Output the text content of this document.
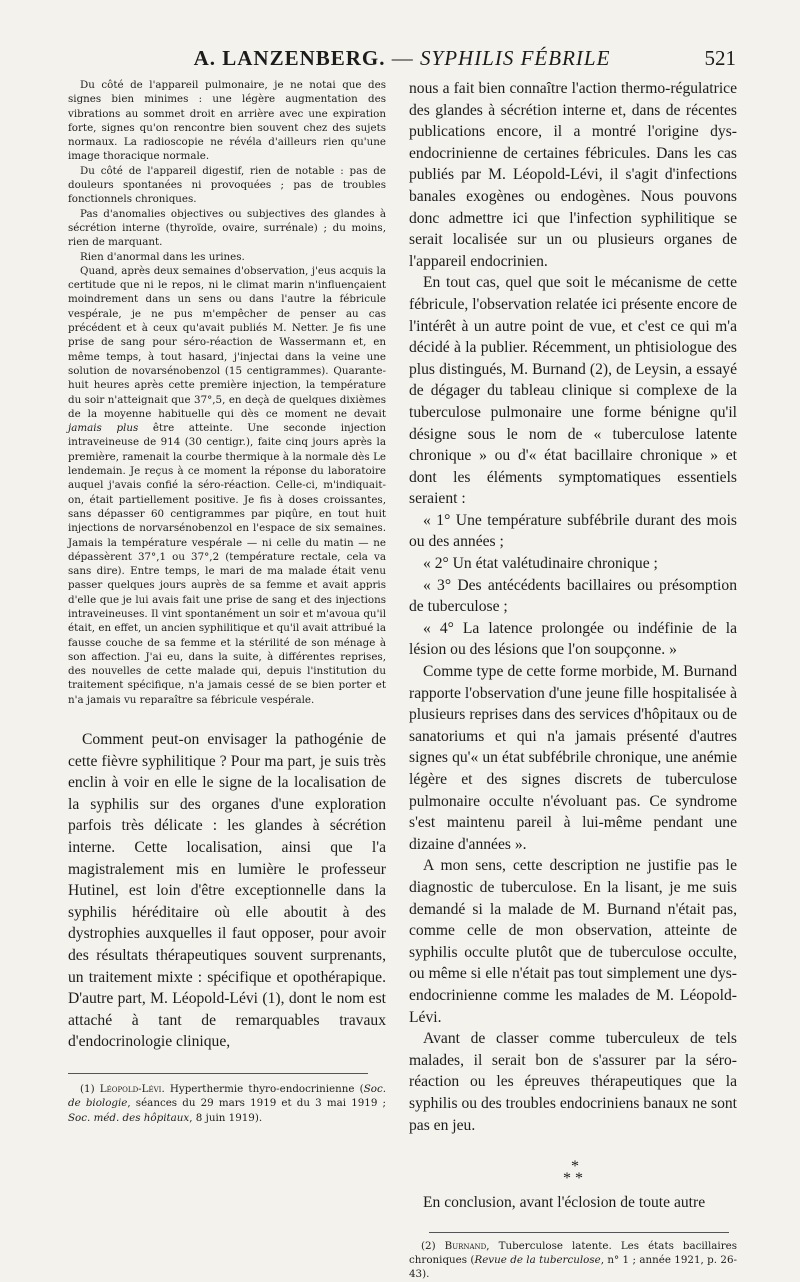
A. LANZENBERG. — SYPHILIS FÉBRILE	521

Du côté de l'appareil pulmonaire, je ne notai que des signes bien minimes : une légère augmentation des vibrations au sommet droit en arrière avec une expiration forte, signes qu'on rencontre bien souvent chez des sujets normaux. La radioscopie ne révéla d'ailleurs rien qu'une image thoracique normale.

Du côté de l'appareil digestif, rien de notable : pas de douleurs spontanées ni provoquées ; pas de troubles fonctionnels chroniques.

Pas d'anomalies objectives ou subjectives des glandes à sécrétion interne (thyroïde, ovaire, surrénale) ; du moins, rien de marquant.

Rien d'anormal dans les urines.

Quand, après deux semaines d'observation, j'eus acquis la certitude que ni le repos, ni le climat marin n'influençaient moindrement dans un sens ou dans l'autre la fébricule vespérale, je ne pus m'empêcher de penser au cas précédent et à ceux qu'avait publiés M. Netter. Je fis une prise de sang pour séro-réaction de Wassermann et, en même temps, à tout hasard, j'injectai dans la veine une solution de novarsénobenzol (15 centigrammes). Quarante-huit heures après cette première injection, la température du soir n'atteignait que 37°,5, en deçà de quelques dixièmes de la moyenne habituelle qui dès ce moment ne devait jamais plus être atteinte. Une seconde injection intraveineuse de 914 (30 centigr.), faite cinq jours après la première, ramenait la courbe thermique à la normale dès Le lendemain. Je reçus à ce moment la réponse du laboratoire auquel j'avais confié la séro-réaction. Celle-ci, m'indiquait-on, était partiellement positive. Je fis à doses croissantes, sans dépasser 60 centigrammes par piqûre, en tout huit injections de norvarsénobenzol en l'espace de six semaines. Jamais la température vespérale — ni celle du matin — ne dépassèrent 37°,1 ou 37°,2 (température rectale, cela va sans dire). Entre temps, le mari de ma malade était venu passer quelques jours auprès de sa femme et avait appris d'elle que je lui avais fait une prise de sang et des injections intraveineuses. Il vint spontanément un soir et m'avoua qu'il était, en effet, un ancien syphilitique et qu'il avait attribué la fausse couche de sa femme et la stérilité de son ménage à son affection. J'ai eu, dans la suite, à différentes reprises, des nouvelles de cette malade qui, depuis l'institution du traitement spécifique, n'a jamais cessé de se bien porter et n'a jamais vu reparaître sa fébricule vespérale.

Comment peut-on envisager la pathogénie de cette fièvre syphilitique ? Pour ma part, je suis très enclin à voir en elle le signe de la localisation de la syphilis sur des organes d'une exploration parfois très délicate : les glandes à sécrétion interne. Cette localisation, ainsi que l'a magistralement mis en lumière le professeur Hutinel, est loin d'être exceptionnelle dans la syphilis héréditaire où elle aboutit à des dystrophies auxquelles il faut opposer, pour avoir des résultats thérapeutiques souvent surprenants, un traitement mixte : spécifique et opothérapique. D'autre part, M. Léopold-Lévi (1), dont le nom est attaché à tant de remarquables travaux d'endocrinologie clinique,

(1) Léopold-Lévi. Hyperthermie thyro-endocrinienne (Soc. de biologie, séances du 29 mars 1919 et du 3 mai 1919 ; Soc. méd. des hôpitaux, 8 juin 1919).

nous a fait bien connaître l'action thermo-régulatrice des glandes à sécrétion interne et, dans de récentes publications encore, il a montré l'origine dys-endocrinienne de certaines fébricules. Dans les cas publiés par M. Léopold-Lévi, il s'agit d'infections banales exogènes ou endogènes. Nous pouvons donc admettre ici que l'infection syphilitique se serait localisée sur un ou plusieurs organes de l'appareil endocrinien.

En tout cas, quel que soit le mécanisme de cette fébricule, l'observation relatée ici présente encore de l'intérêt à un autre point de vue, et c'est ce qui m'a décidé à la publier. Récemment, un phtisiologue des plus distingués, M. Burnand (2), de Leysin, a essayé de dégager du tableau clinique si complexe de la tuberculose pulmonaire une forme bénigne qu'il désigne sous le nom de « tuberculose latente chronique » ou d'« état bacillaire chronique » et dont les éléments symptomatiques essentiels seraient :

« 1° Une température subfébrile durant des mois ou des années ;

« 2° Un état valétudinaire chronique ;

« 3° Des antécédents bacillaires ou présomption de tuberculose ;

« 4° La latence prolongée ou indéfinie de la lésion ou des lésions que l'on soupçonne. »

Comme type de cette forme morbide, M. Burnand rapporte l'observation d'une jeune fille hospitalisée à plusieurs reprises dans des services d'hôpitaux ou de sanatoriums et qui n'a jamais présenté d'autres signes qu'« un état subfébrile chronique, une anémie légère et des signes discrets de tuberculose pulmonaire occulte n'évoluant pas. Ce syndrome s'est maintenu pareil à lui-même pendant une dizaine d'années ».

A mon sens, cette description ne justifie pas le diagnostic de tuberculose. En la lisant, je me suis demandé si la malade de M. Burnand n'était pas, comme celle de mon observation, atteinte de syphilis occulte plutôt que de tuberculose occulte, ou même si elle n'était pas tout simplement une dys-endocrinienne comme les malades de M. Léopold-Lévi.

Avant de classer comme tuberculeux de tels malades, il serait bon de s'assurer par la séro-réaction ou les épreuves thérapeutiques que la syphilis ou des troubles endocriniens banaux ne sont pas en jeu.

*
* *

En conclusion, avant l'éclosion de toute autre

(2) Burnand, Tuberculose latente. Les états bacillaires chroniques (Revue de la tuberculose, n° 1 ; année 1921, p. 26-43).
